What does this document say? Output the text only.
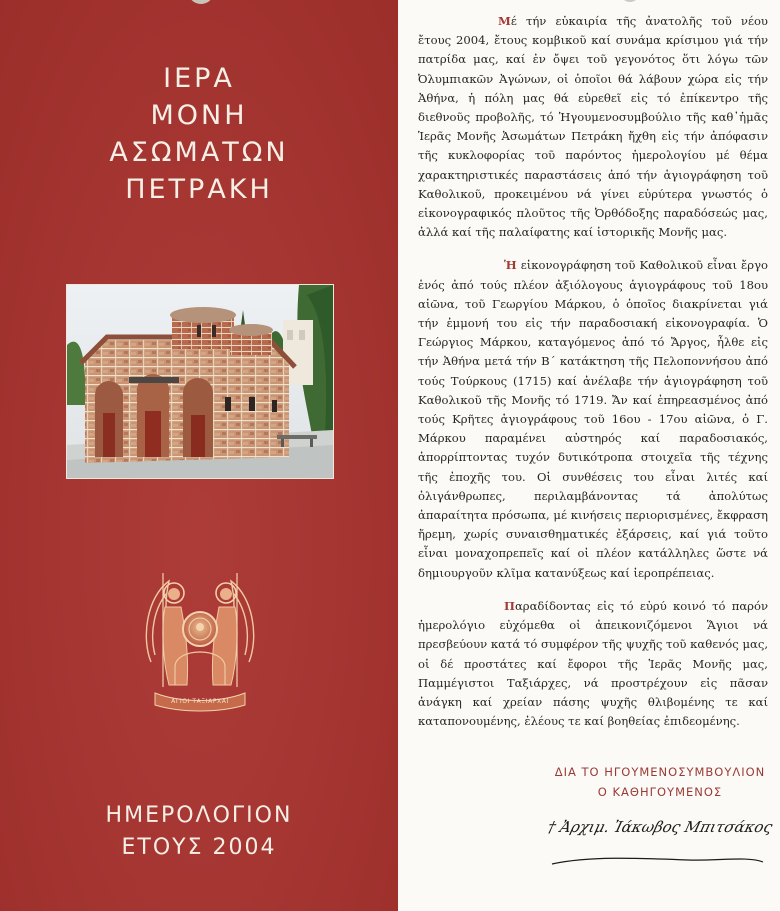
ΙΕΡΑ
ΜΟΝΗ
ΑΣΩΜΑΤΩΝ
ΠΕΤΡΑΚΗ
ΑΓΙΟΙ ΤΑΞΙΑΡΧΑΙ
ΗΜΕΡΟΛΟΓΙΟΝ
ΕΤΟΥΣ 2004

Μέ τήν εὐκαιρία τῆς ἀνατολῆς τοῦ νέου ἔτους 2004, ἔτους κομβικοῦ καί συνάμα κρίσιμου γιά τήν πατρίδα μας, καί ἐν ὄψει τοῦ γεγονότος ὅτι λόγω τῶν Ὀλυμπιακῶν Ἀγώνων, οἱ ὁποῖοι θά λάβουν χώρα εἰς τήν Ἀθήνα, ἡ πόλη μας θά εὑρεθεῖ εἰς τό ἐπίκεντρο τῆς διεθνοῦς προβολῆς, τό Ἡγουμενοσυμβούλιο τῆς καθ᾽ἡμᾶς Ἱερᾶς Μονῆς Ἀσωμάτων Πετράκη ἤχθη εἰς τήν ἀπόφασιν τῆς κυκλοφορίας τοῦ παρόντος ἡμερολογίου μέ θέμα χαρακτηριστικές παραστάσεις ἀπό τήν ἁγιογράφηση τοῦ Καθολικοῦ, προκειμένου νά γίνει εὐρύτερα γνωστός ὁ εἰκονογραφικός πλοῦτος τῆς Ὀρθόδοξης παραδόσεώς μας, ἀλλά καί τῆς παλαίφατης καί ἱστορικῆς Μονῆς μας.

Ἡ εἰκονογράφηση τοῦ Καθολικοῦ εἶναι ἔργο ἑνός ἀπό τούς πλέον ἀξιόλογους ἁγιογράφους τοῦ 18ου αἰῶνα, τοῦ Γεωργίου Μάρκου, ὁ ὁποῖος διακρίνεται γιά τήν ἐμμονή του εἰς τήν παραδοσιακή εἰκονογραφία. Ὁ Γεώργιος Μάρκου, καταγόμενος ἀπό τό Ἄργος, ἦλθε εἰς τήν Ἀθήνα μετά τήν Β΄ κατάκτηση τῆς Πελοποννήσου ἀπό τούς Τούρκους (1715) καί ἀνέλαβε τήν ἁγιογράφηση τοῦ Καθολικοῦ τῆς Μονῆς τό 1719. Ἄν καί ἐπηρεασμένος ἀπό τούς Κρῆτες ἁγιογράφους τοῦ 16ου - 17ου αἰῶνα, ὁ Γ. Μάρκου παραμένει αὐστηρός καί παραδοσιακός, ἀπορρίπτοντας τυχόν δυτικότροπα στοιχεῖα τῆς τέχνης τῆς ἐποχῆς του. Οἱ συνθέσεις του εἶναι λιτές καί ὀλιγάνθρωπες, περιλαμβάνοντας τά ἀπολύτως ἀπαραίτητα πρόσωπα, μέ κινήσεις περιορισμένες, ἔκφραση ἤρεμη, χωρίς συναισθηματικές ἐξάρσεις, καί γιά τοῦτο εἶναι μοναχοπρεπεῖς καί οἱ πλέον κατάλληλες ὥστε νά δημιουργοῦν κλῖμα κατανύξεως καί ἱεροπρέπειας.

Παραδίδοντας εἰς τό εὐρύ κοινό τό παρόν ἡμερολόγιο εὐχόμεθα οἱ ἀπεικονιζόμενοι Ἅγιοι νά πρεσβεύουν κατά τό συμφέρον τῆς ψυχῆς τοῦ καθενός μας, οἱ δέ προστάτες καί ἔφοροι τῆς Ἱερᾶς Μονῆς μας, Παμμέγιστοι Ταξιάρχες, νά προστρέχουν εἰς πᾶσαν ἀνάγκη καί χρείαν πάσης ψυχῆς θλιβομένης τε καί καταπονουμένης, ἐλέους τε καί βοηθείας ἐπιδεομένης.

ΔΙΑ ΤΟ ΗΓΟΥΜΕΝΟΣΥΜΒΟΥΛΙΟΝ
Ο ΚΑΘΗΓΟΥΜΕΝΟΣ
† Ἀρχιμ. Ἰάκωβος Μπιτσάκος
